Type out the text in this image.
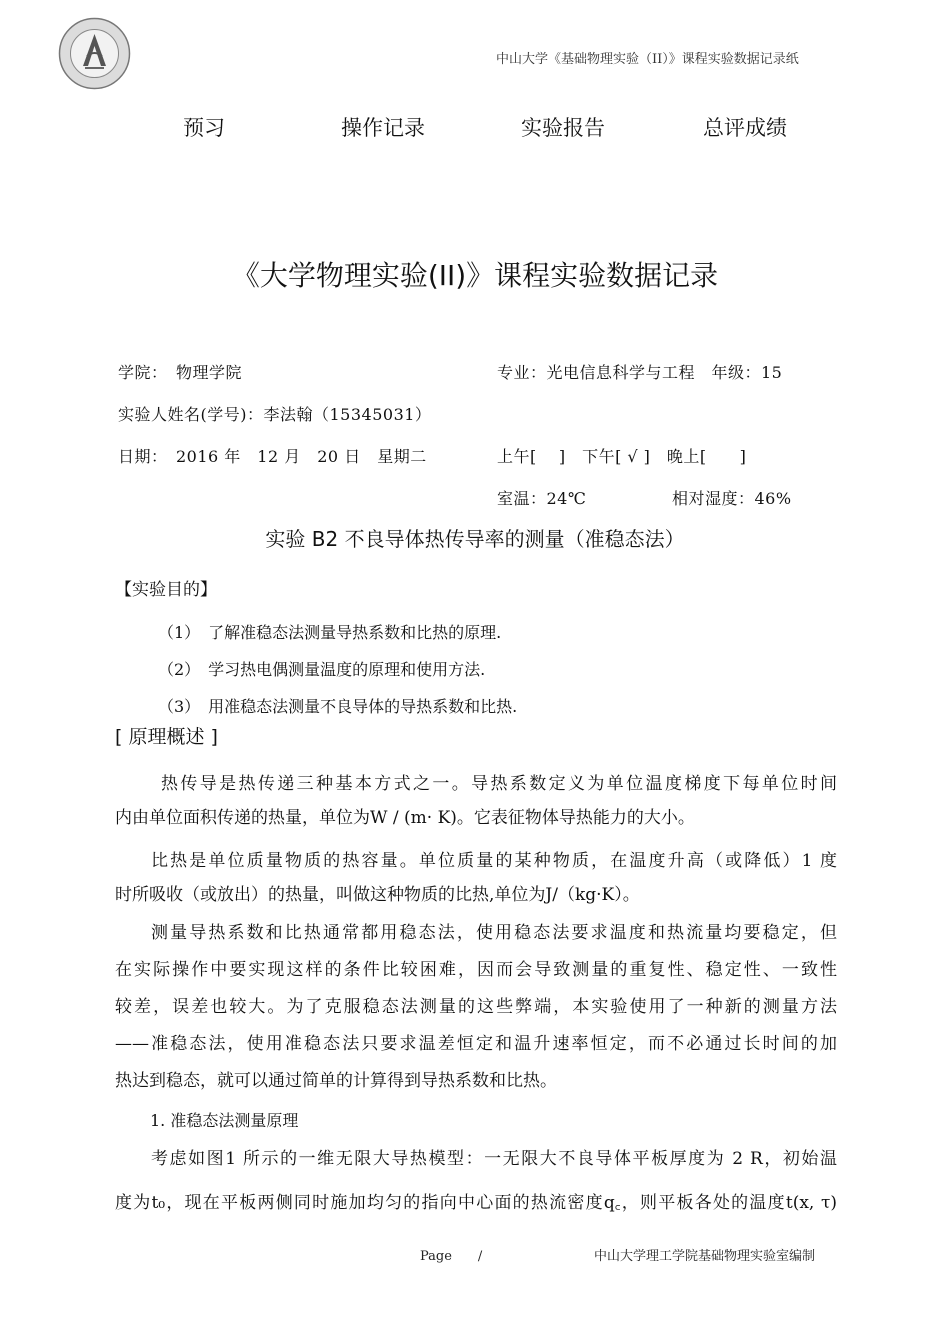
中山大学《基础物理实验（II）》课程实验数据记录纸
预习	操作记录	实验报告	总评成绩
《大学物理实验(II)》课程实验数据记录
学院：　物理学院	专业：光电信息科学与工程　年级：15
实验人姓名(学号)：李法翰（15345031）
日期：　2016 年　12 月　20 日　星期二	上午[　 ]　下午[ √ ]　晚上[　　]
室温：24℃	相对湿度：46%
实验 B2 不良导体热传导率的测量（准稳态法）
【实验目的】
（1）　了解准稳态法测量导热系数和比热的原理.
（2）　学习热电偶测量温度的原理和使用方法.
（3）　用准稳态法测量不良导体的导热系数和比热.
[ 原理概述 ]
热传导是热传递三种基本方式之一。导热系数定义为单位温度梯度下每单位时间
内由单位面积传递的热量，单位为W / (m· K)。它表征物体导热能力的大小。
比热是单位质量物质的热容量。单位质量的某种物质，在温度升高（或降低）1 度
时所吸收（或放出）的热量，叫做这种物质的比热,单位为J/（kg·K）。
测量导热系数和比热通常都用稳态法，使用稳态法要求温度和热流量均要稳定，但
在实际操作中要实现这样的条件比较困难，因而会导致测量的重复性、稳定性、一致性
较差，误差也较大。为了克服稳态法测量的这些弊端，本实验使用了一种新的测量方法
——准稳态法，使用准稳态法只要求温差恒定和温升速率恒定，而不必通过长时间的加
热达到稳态，就可以通过简单的计算得到导热系数和比热。
1. 准稳态法测量原理
考虑如图1 所示的一维无限大导热模型：一无限大不良导体平板厚度为 2 R，初始温
度为t₀，现在平板两侧同时施加均匀的指向中心面的热流密度q꜀，则平板各处的温度t(x, τ)
Page　　/	中山大学理工学院基础物理实验室编制
